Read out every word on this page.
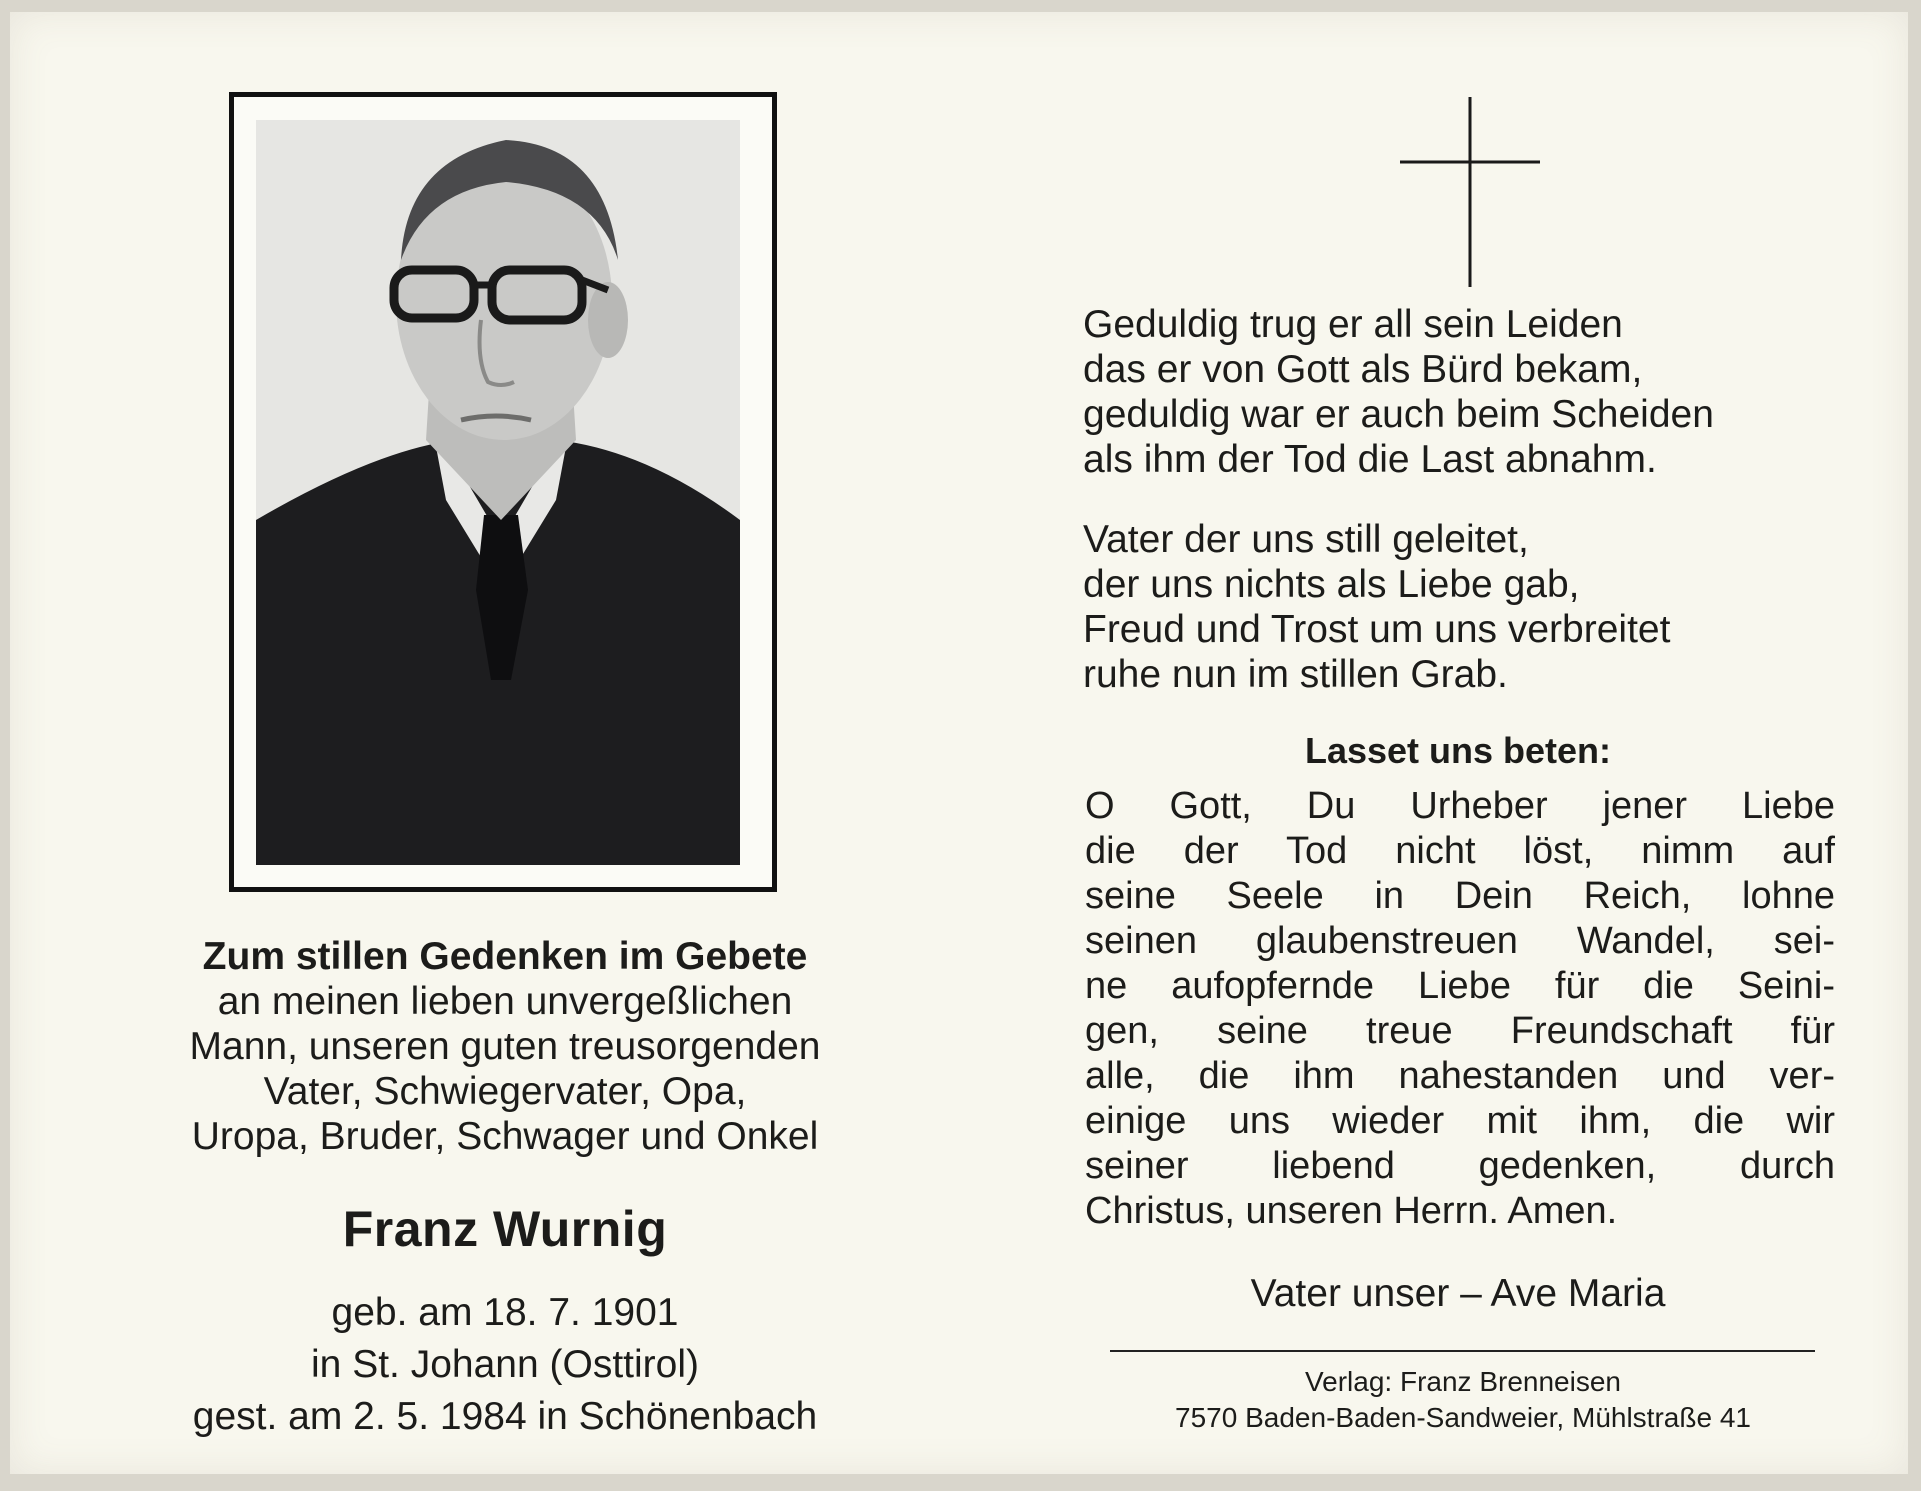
Zum stillen Gedenken im Gebete
an meinen lieben unvergeßlichen
Mann, unseren guten treusorgenden
Vater, Schwiegervater, Opa,
Uropa, Bruder, Schwager und Onkel
Franz Wurnig
geb. am 18. 7. 1901
in St. Johann (Osttirol)
gest. am 2. 5. 1984 in Schönenbach
Geduldig trug er all sein Leiden
das er von Gott als Bürd bekam,
geduldig war er auch beim Scheiden
als ihm der Tod die Last abnahm.
Vater der uns still geleitet,
der uns nichts als Liebe gab,
Freud und Trost um uns verbreitet
ruhe nun im stillen Grab.
Lasset uns beten:
O Gott, Du Urheber jener Liebe
die der Tod nicht löst, nimm auf
seine Seele in Dein Reich, lohne
seinen glaubenstreuen Wandel, sei-
ne aufopfernde Liebe für die Seini-
gen, seine treue Freundschaft für
alle, die ihm nahestanden und ver-
einige uns wieder mit ihm, die wir
seiner liebend gedenken, durch
Christus, unseren Herrn. Amen.
Vater unser – Ave Maria
Verlag: Franz Brenneisen
7570 Baden-Baden-Sandweier, Mühlstraße 41
